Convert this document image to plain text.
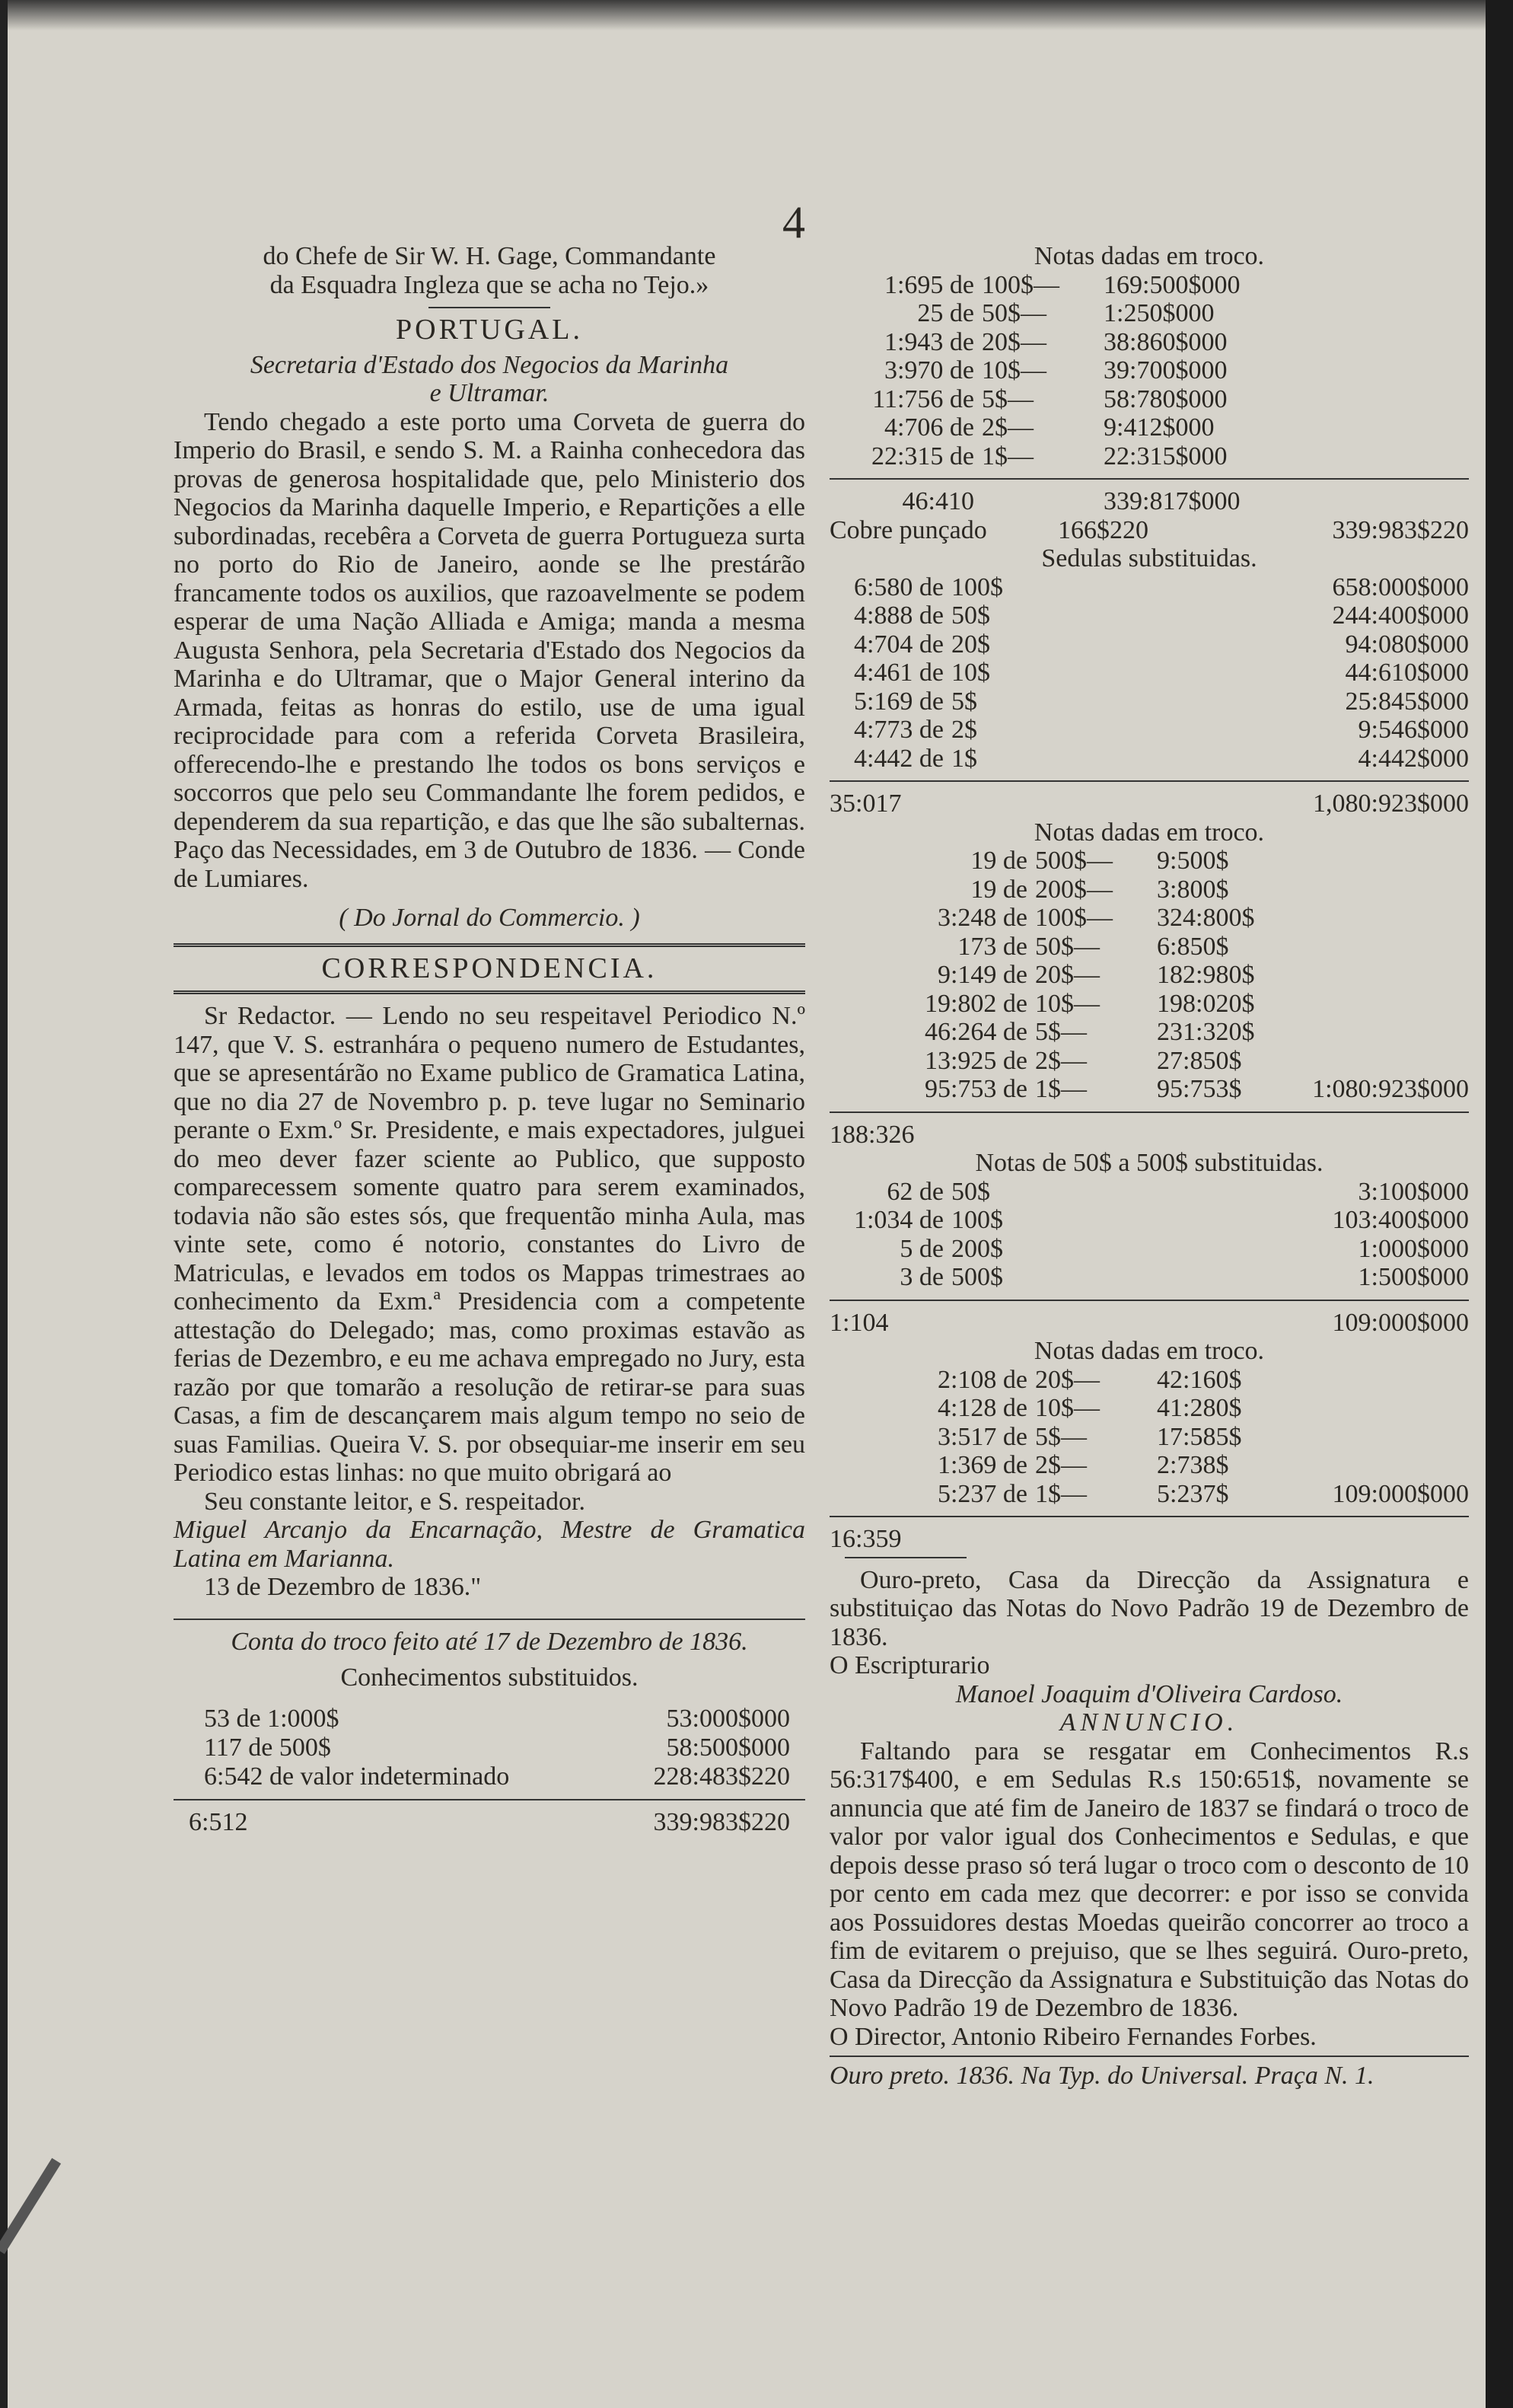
4

do Chefe de Sir W. H. Gage, Commandante

da Esquadra Ingleza que se acha no Tejo.»

PORTUGAL.

Secretaria d'Estado dos Negocios da Marinha

e Ultramar.

Tendo chegado a este porto uma Corveta de guerra do Imperio do Brasil, e sendo S. M. a Rainha conhecedora das provas de generosa hospitalidade que, pelo Ministerio dos Negocios da Marinha daquelle Imperio, e Repartições a elle subordinadas, recebêra a Corveta de guerra Portugueza surta no porto do Rio de Janeiro, aonde se lhe prestárão francamente todos os auxilios, que razoavelmente se podem esperar de uma Nação Alliada e Amiga; manda a mesma Augusta Senhora, pela Secretaria d'Estado dos Negocios da Marinha e do Ultramar, que o Major General interino da Armada, feitas as honras do estilo, use de uma igual reciprocidade para com a referida Corveta Brasileira, offerecendo-lhe e prestando lhe todos os bons serviços e soccorros que pelo seu Commandante lhe forem pedidos, e dependerem da sua repartição, e das que lhe são subalternas. Paço das Necessidades, em 3 de Outubro de 1836. — Conde de Lumiares.

( Do Jornal do Commercio. )

CORRESPONDENCIA.

Sr Redactor. — Lendo no seu respeitavel Periodico N.º 147, que V. S. estranhára o pequeno numero de Estudantes, que se apresentárão no Exame publico de Gramatica Latina, que no dia 27 de Novembro p. p. teve lugar no Seminario perante o Exm.º Sr. Presidente, e mais expectadores, julguei do meo dever fazer sciente ao Publico, que supposto comparecessem somente quatro para serem examinados, todavia não são estes sós, que frequentão minha Aula, mas vinte sete, como é notorio, constantes do Livro de Matriculas, e levados em todos os Mappas trimestraes ao conhecimento da Exm.ª Presidencia com a competente attestação do Delegado; mas, como proximas estavão as ferias de Dezembro, e eu me achava empregado no Jury, esta razão por que tomarão a resolução de retirar-se para suas Casas, a fim de descançarem mais algum tempo no seio de suas Familias. Queira V. S. por obsequiar-me inserir em seu Periodico estas linhas: no que muito obrigará ao

Seu constante leitor, e S. respeitador.

Miguel Arcanjo da Encarnação, Mestre de Gramatica Latina em Marianna.

13 de Dezembro de 1836."

Conta do troco feito até 17 de Dezembro de 1836.

Conhecimentos substituidos.

53 de 1:000$	53:000$000
117 de 500$	58:500$000
6:542 de valor indeterminado	228:483$220
6:512	339:983$220

Notas dadas em troco.

1:695 de 100$—	169:500$000
25 de 50$—	1:250$000
1:943 de 20$—	38:860$000
3:970 de 10$—	39:700$000
11:756 de 5$—	58:780$000
4:706 de 2$—	9:412$000
22:315 de 1$—	22:315$000
46:410	339:817$000
Cobre punçado	166$220	339:983$220

Sedulas substituidas.

6:580 de 100$	658:000$000
4:888 de 50$	244:400$000
4:704 de 20$	94:080$000
4:461 de 10$	44:610$000
5:169 de 5$	25:845$000
4:773 de 2$	9:546$000
4:442 de 1$	4:442$000
35:017	1,080:923$000

Notas dadas em troco.

19 de 500$—	9:500$
19 de 200$—	3:800$
3:248 de 100$—	324:800$
173 de 50$—	6:850$
9:149 de 20$—	182:980$
19:802 de 10$—	198:020$
46:264 de 5$—	231:320$
13:925 de 2$—	27:850$
95:753 de 1$—	95:753$	1:080:923$000
188:326

Notas de 50$ a 500$ substituidas.

62 de 50$	3:100$000
1:034 de 100$	103:400$000
5 de 200$	1:000$000
3 de 500$	1:500$000
1:104	109:000$000

Notas dadas em troco.

2:108 de 20$—	42:160$
4:128 de 10$—	41:280$
3:517 de 5$—	17:585$
1:369 de 2$—	2:738$
5:237 de 1$—	5:237$	109:000$000
16:359

Ouro-preto, Casa da Direcção da Assignatura e substituiçao das Notas do Novo Padrão 19 de Dezembro de 1836.

O Escripturario

Manoel Joaquim d'Oliveira Cardoso.

ANNUNCIO.

Faltando para se resgatar em Conhecimentos R.s 56:317$400, e em Sedulas R.s 150:651$, novamente se annuncia que até fim de Janeiro de 1837 se findará o troco de valor por valor igual dos Conhecimentos e Sedulas, e que depois desse praso só terá lugar o troco com o desconto de 10 por cento em cada mez que decorrer: e por isso se convida aos Possuidores destas Moedas queirão concorrer ao troco a fim de evitarem o prejuiso, que se lhes seguirá. Ouro-preto, Casa da Direcção da Assignatura e Substituição das Notas do Novo Padrão 19 de Dezembro de 1836.

O Director, Antonio Ribeiro Fernandes Forbes.

Ouro preto. 1836. Na Typ. do Universal. Praça N. 1.
